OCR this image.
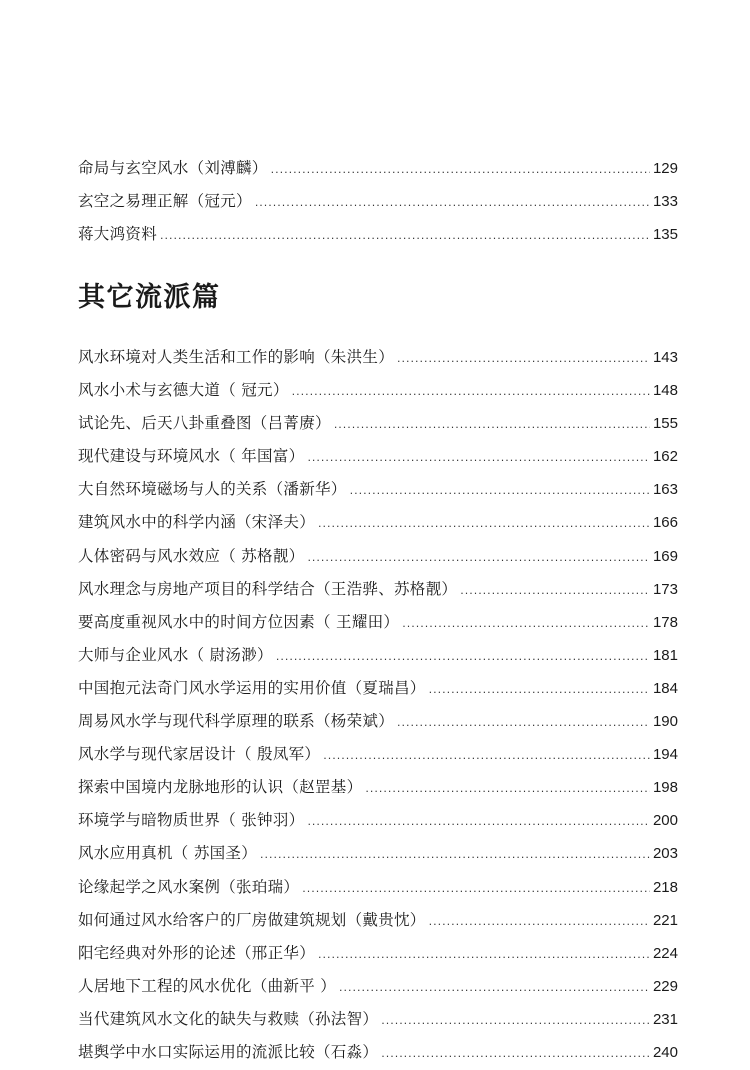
命局与玄空风水（刘溥麟） .....	129
玄空之易理正解（冠元） .....	133
蒋大鸿资料 .....	135
其它流派篇
风水环境对人类生活和工作的影响（朱洪生） .....	143
风水小术与玄德大道（ 冠元） .....	148
试论先、后天八卦重叠图（吕菁赓） .....	155
现代建设与环境风水（ 年国富） .....	162
大自然环境磁场与人的关系（潘新华） .....	163
建筑风水中的科学内涵（宋泽夫） .....	166
人体密码与风水效应（ 苏格靓） .....	169
风水理念与房地产项目的科学结合（王浩骅、苏格靓） .....	173
要高度重视风水中的时间方位因素（ 王耀田） .....	178
大师与企业风水（ 尉汤渺） .....	181
中国抱元法奇门风水学运用的实用价值（夏瑞昌） .....	184
周易风水学与现代科学原理的联系（杨荣斌） .....	190
风水学与现代家居设计（ 殷凤军） .....	194
探索中国境内龙脉地形的认识（赵罡基） .....	198
环境学与暗物质世界（ 张钟羽） .....	200
风水应用真机（ 苏国圣） .....	203
论缘起学之风水案例（张珀瑞） .....	218
如何通过风水给客户的厂房做建筑规划（戴贵忱） .....	221
阳宅经典对外形的论述（邢正华） .....	224
人居地下工程的风水优化（曲新平 ） .....	229
当代建筑风水文化的缺失与救赎（孙法智） .....	231
堪舆学中水口实际运用的流派比较（石淼） .....	240
